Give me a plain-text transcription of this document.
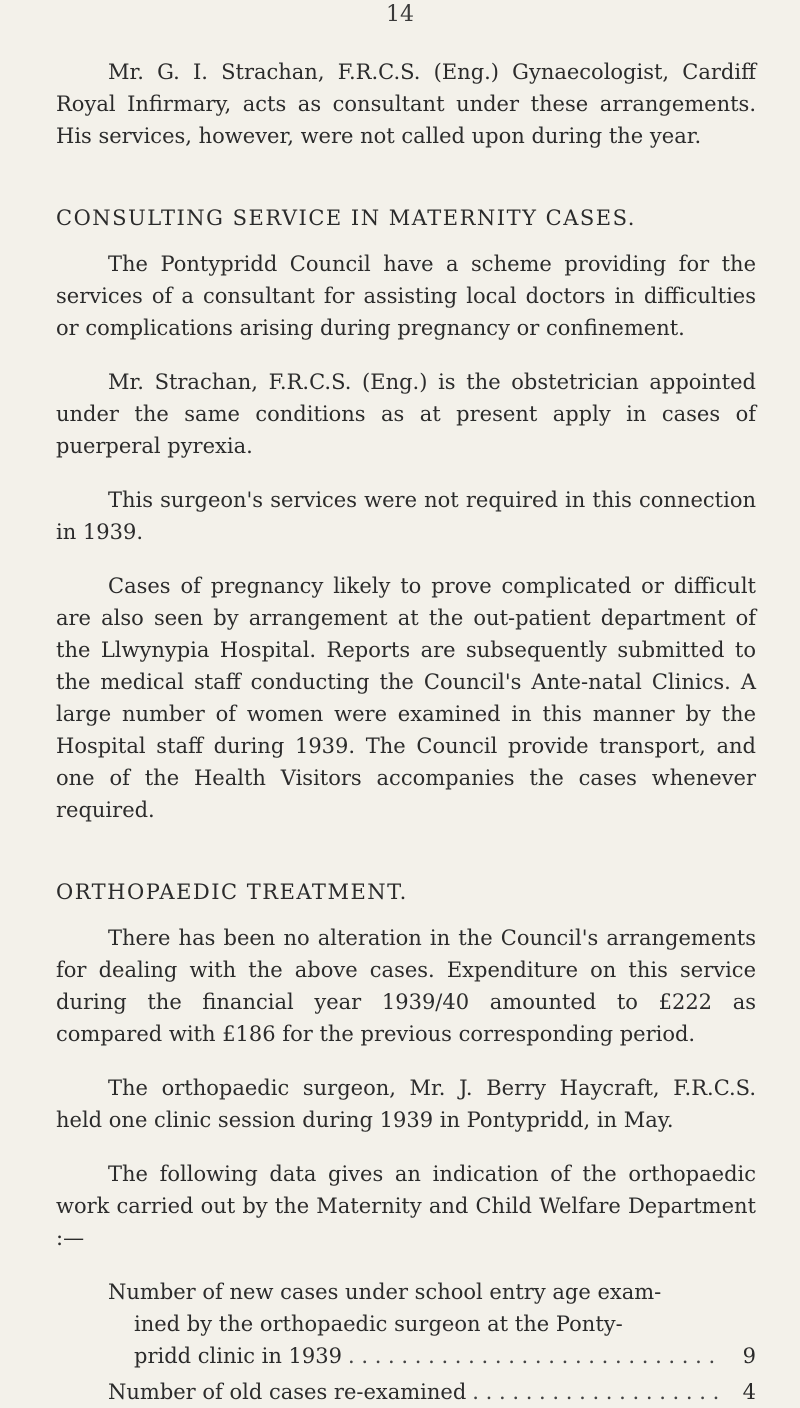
14

Mr. G. I. Strachan, F.R.C.S. (Eng.) Gynaecologist, Cardiff Royal Infirmary, acts as consultant under these arrangements. His services, however, were not called upon during the year.

CONSULTING SERVICE IN MATERNITY CASES.

The Pontypridd Council have a scheme providing for the services of a consultant for assisting local doctors in difficulties or complications arising during pregnancy or confinement.

Mr. Strachan, F.R.C.S. (Eng.) is the obstetrician appointed under the same conditions as at present apply in cases of puerperal pyrexia.

This surgeon's services were not required in this connection in 1939.

Cases of pregnancy likely to prove complicated or difficult are also seen by arrangement at the out-patient department of the Llwynypia Hospital. Reports are subsequently submitted to the medical staff conducting the Council's Ante-natal Clinics. A large number of women were examined in this manner by the Hospital staff during 1939. The Council provide transport, and one of the Health Visitors accompanies the cases whenever required.

ORTHOPAEDIC TREATMENT.

There has been no alteration in the Council's arrangements for dealing with the above cases. Expenditure on this service during the financial year 1939/40 amounted to £222 as compared with £186 for the previous corresponding period.

The orthopaedic surgeon, Mr. J. Berry Haycraft, F.R.C.S. held one clinic session during 1939 in Pontypridd, in May.

The following data gives an indication of the orthopaedic work carried out by the Maternity and Child Welfare Department :—

Number of new cases under school entry age exam-
ined by the orthopaedic surgeon at the Ponty-
pridd clinic in 1939 . . .	9
Number of old cases re-examined . . .	4
